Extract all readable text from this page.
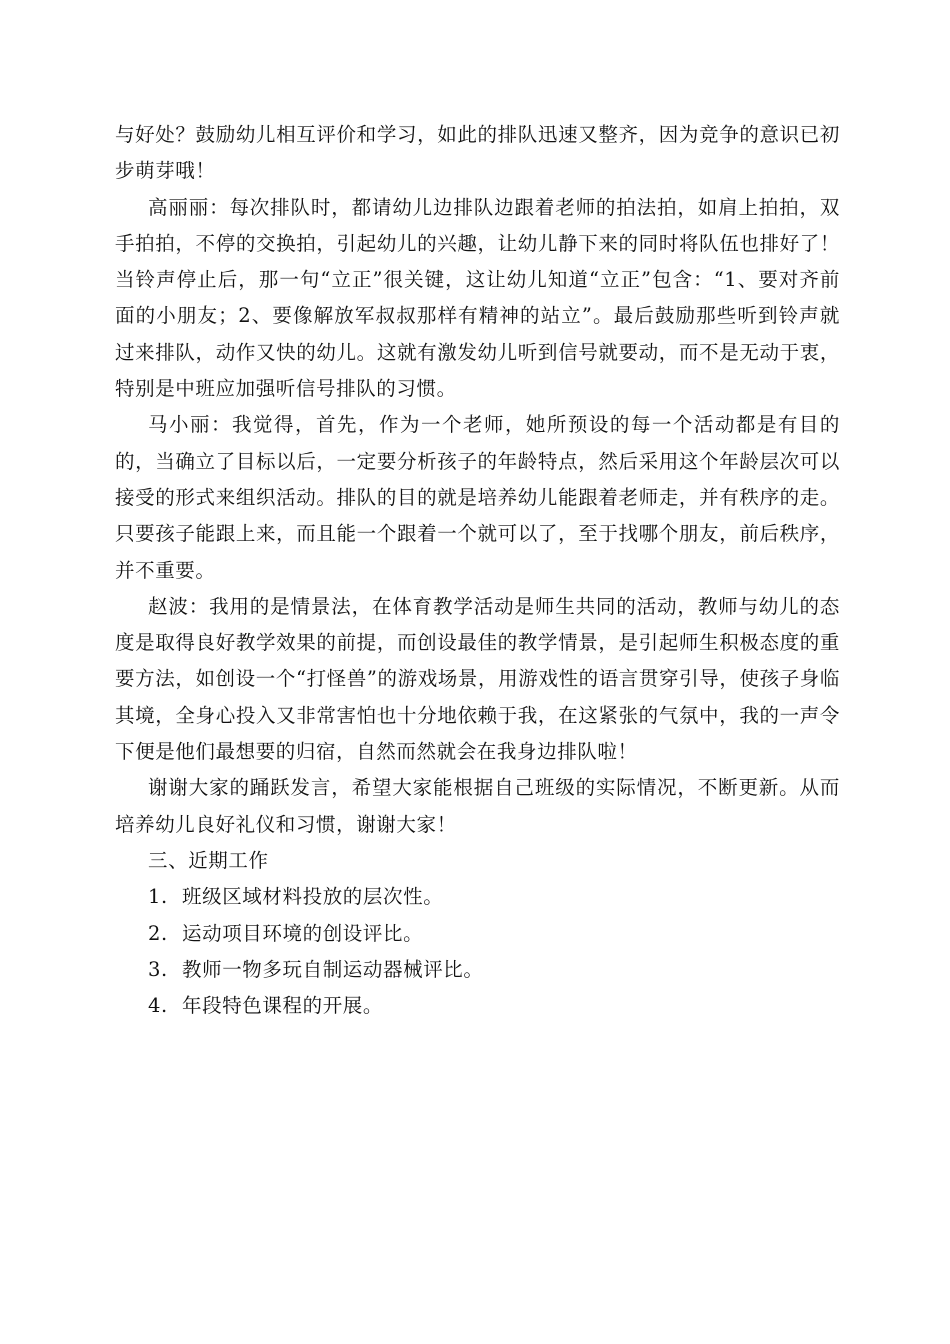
与好处？鼓励幼儿相互评价和学习，如此的排队迅速又整齐，因为竞争的意识已初步萌芽哦！

高丽丽：每次排队时，都请幼儿边排队边跟着老师的拍法拍，如肩上拍拍，双手拍拍，不停的交换拍，引起幼儿的兴趣，让幼儿静下来的同时将队伍也排好了！当铃声停止后，那一句“立正”很关键，这让幼儿知道“立正”包含：“1、要对齐前面的小朋友；2、要像解放军叔叔那样有精神的站立”。最后鼓励那些听到铃声就过来排队，动作又快的幼儿。这就有激发幼儿听到信号就要动，而不是无动于衷，特别是中班应加强听信号排队的习惯。

马小丽：我觉得，首先，作为一个老师，她所预设的每一个活动都是有目的的，当确立了目标以后，一定要分析孩子的年龄特点，然后采用这个年龄层次可以接受的形式来组织活动。排队的目的就是培养幼儿能跟着老师走，并有秩序的走。只要孩子能跟上来，而且能一个跟着一个就可以了，至于找哪个朋友，前后秩序，并不重要。

赵波：我用的是情景法，在体育教学活动是师生共同的活动，教师与幼儿的态度是取得良好教学效果的前提，而创设最佳的教学情景，是引起师生积极态度的重要方法，如创设一个“打怪兽”的游戏场景，用游戏性的语言贯穿引导，使孩子身临其境，全身心投入又非常害怕也十分地依赖于我，在这紧张的气氛中，我的一声令下便是他们最想要的归宿，自然而然就会在我身边排队啦！

谢谢大家的踊跃发言，希望大家能根据自己班级的实际情况，不断更新。从而培养幼儿良好礼仪和习惯，谢谢大家！

三、近期工作

1. 班级区域材料投放的层次性。

2. 运动项目环境的创设评比。

3. 教师一物多玩自制运动器械评比。

4. 年段特色课程的开展。
